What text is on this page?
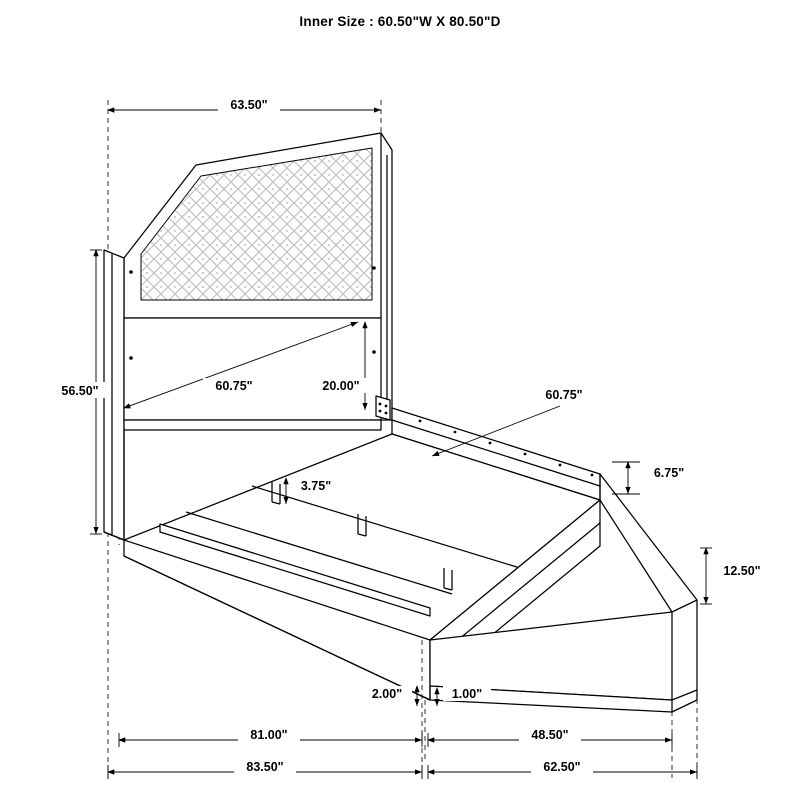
Inner Size : 60.50"W X 80.50"D
63.50"
56.50"	60.75"	20.00"
60.75"
6.75"
3.75"
12.50"
2.00"	1.00"
81.00"	48.50"
83.50"	62.50"
